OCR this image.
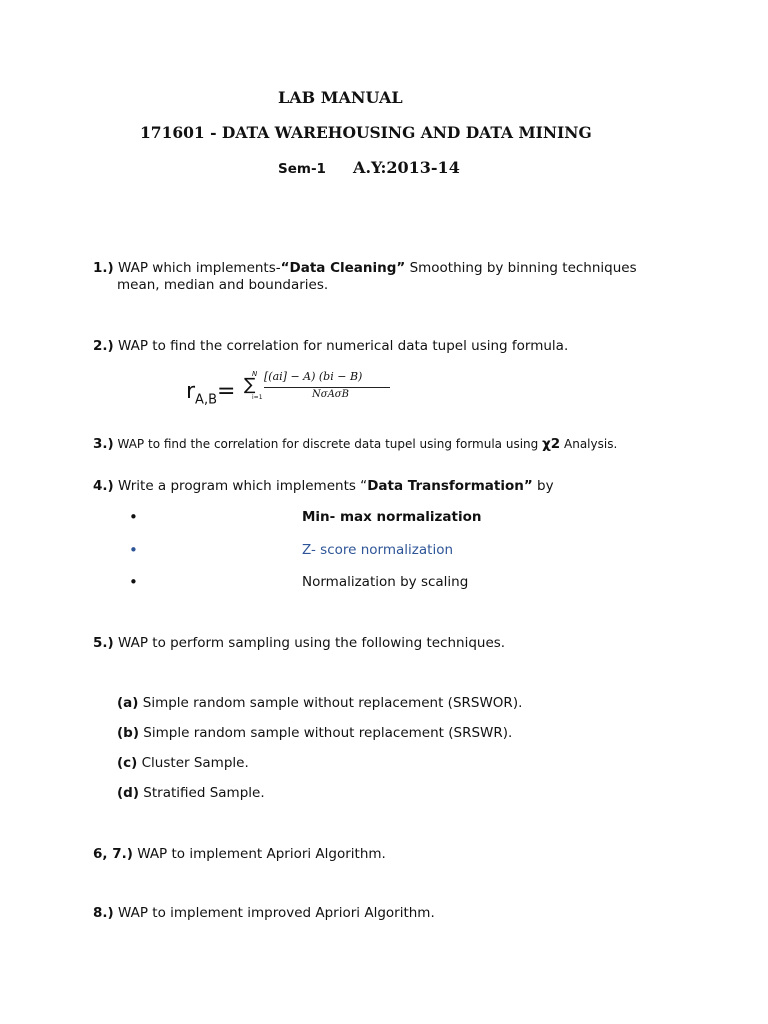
LAB MANUAL
171601 - DATA WAREHOUSING AND DATA MINING
Sem-1 A.Y:2013-14
1.) WAP which implements-“Data Cleaning” Smoothing by binning techniques
mean, median and boundaries.
2.) WAP to find the correlation for numerical data tupel using formula.
$r_{A,B}=$ ∑
N
i=1
[(ai] − A) (bi − B)
NσAσB
3.) WAP to find the correlation for discrete data tupel using formula using χ2 Analysis.
4.) Write a program which implements “Data Transformation” by
•	Min- max normalization
•	Z- score normalization
•	Normalization by scaling
5.) WAP to perform sampling using the following techniques.
(a) Simple random sample without replacement (SRSWOR).
(b) Simple random sample without replacement (SRSWR).
(c) Cluster Sample.
(d) Stratified Sample.
6, 7.) WAP to implement Apriori Algorithm.
8.) WAP to implement improved Apriori Algorithm.
